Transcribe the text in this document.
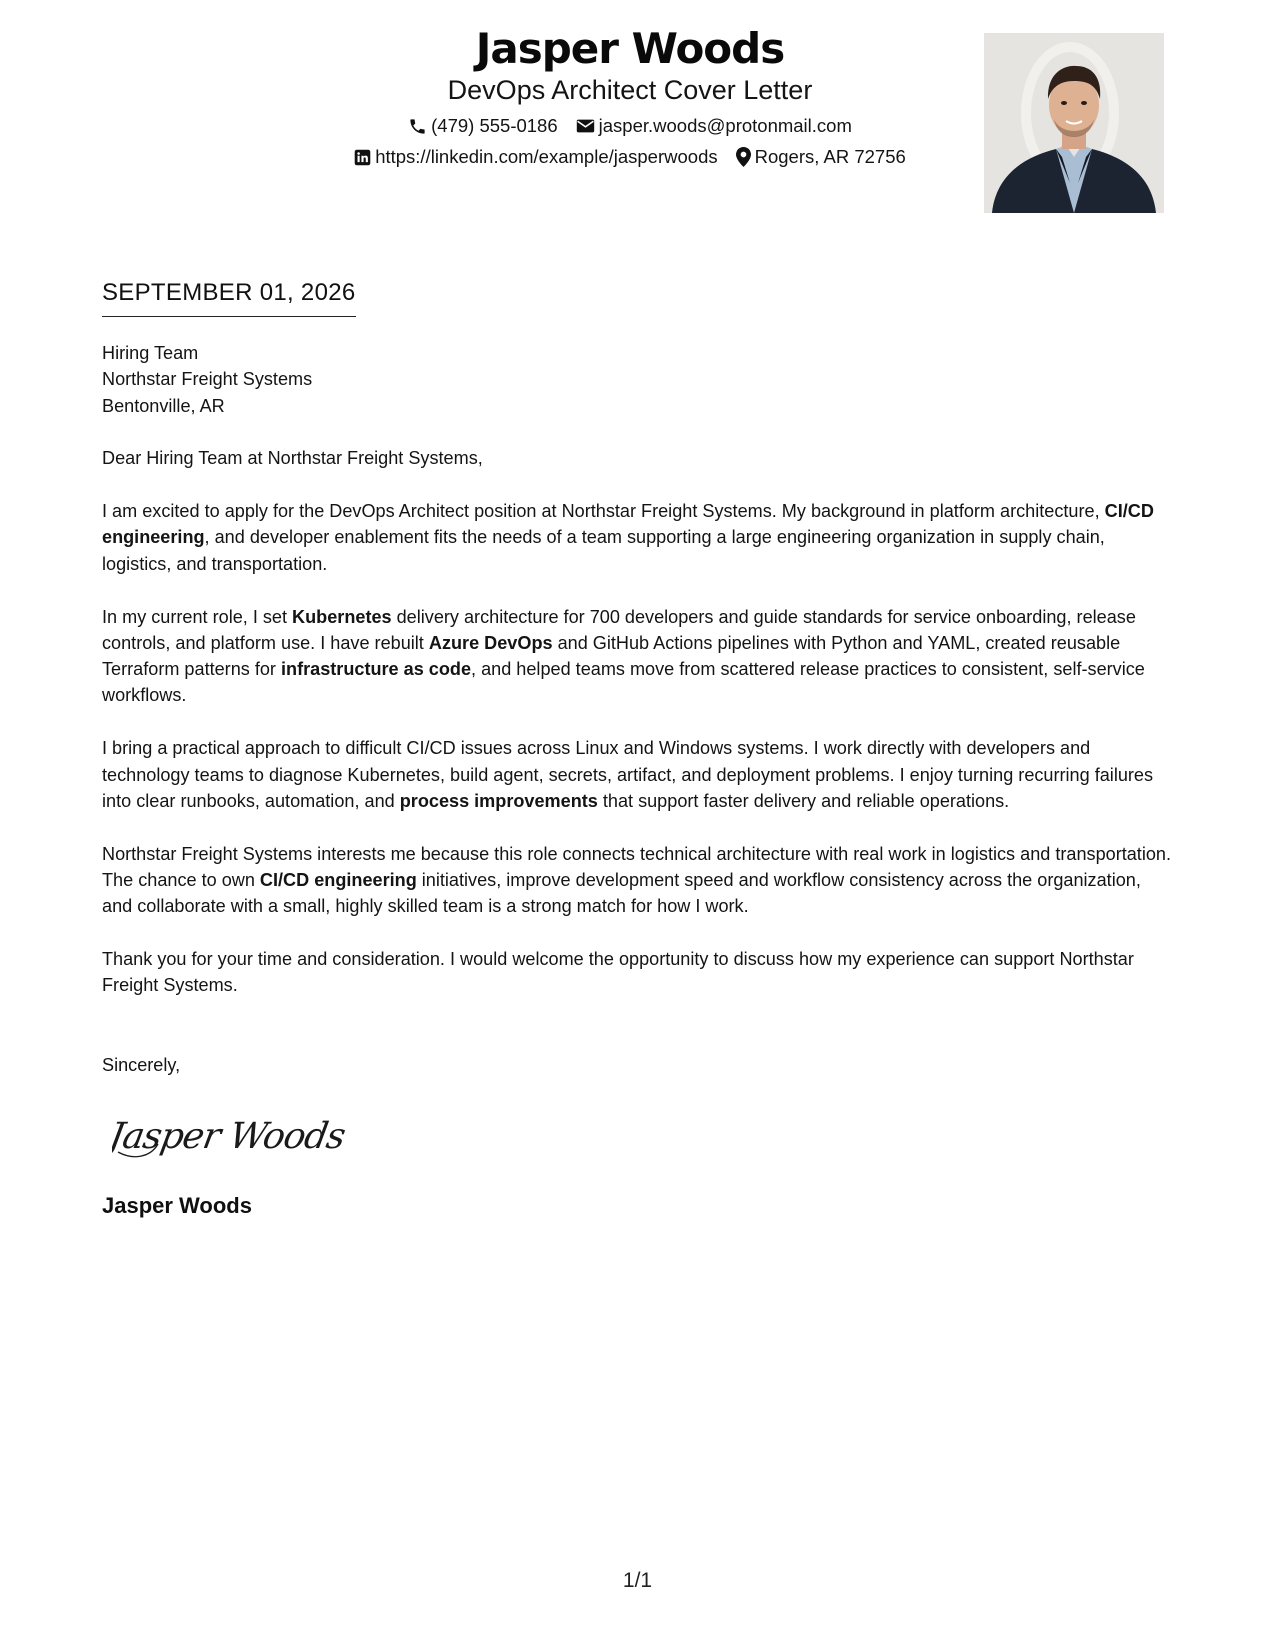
Jasper Woods
DevOps Architect Cover Letter
(479) 555-0186 jasper.woods@protonmail.com
https://linkedin.com/example/jasperwoods Rogers, AR 72756
SEPTEMBER 01, 2026
Hiring Team
Northstar Freight Systems
Bentonville, AR

Dear Hiring Team at Northstar Freight Systems,

I am excited to apply for the DevOps Architect position at Northstar Freight Systems. My background in platform architecture, CI/CD engineering, and developer enablement fits the needs of a team supporting a large engineering organization in supply chain, logistics, and transportation.

In my current role, I set Kubernetes delivery architecture for 700 developers and guide standards for service onboarding, release controls, and platform use. I have rebuilt Azure DevOps and GitHub Actions pipelines with Python and YAML, created reusable Terraform patterns for infrastructure as code, and helped teams move from scattered release practices to consistent, self-service workflows.

I bring a practical approach to difficult CI/CD issues across Linux and Windows systems. I work directly with developers and technology teams to diagnose Kubernetes, build agent, secrets, artifact, and deployment problems. I enjoy turning recurring failures into clear runbooks, automation, and process improvements that support faster delivery and reliable operations.

Northstar Freight Systems interests me because this role connects technical architecture with real work in logistics and transportation. The chance to own CI/CD engineering initiatives, improve development speed and workflow consistency across the organization, and collaborate with a small, highly skilled team is a strong match for how I work.

Thank you for your time and consideration. I would welcome the opportunity to discuss how my experience can support Northstar Freight Systems.

Sincerely,
Jasper Woods
Jasper Woods
1/1
